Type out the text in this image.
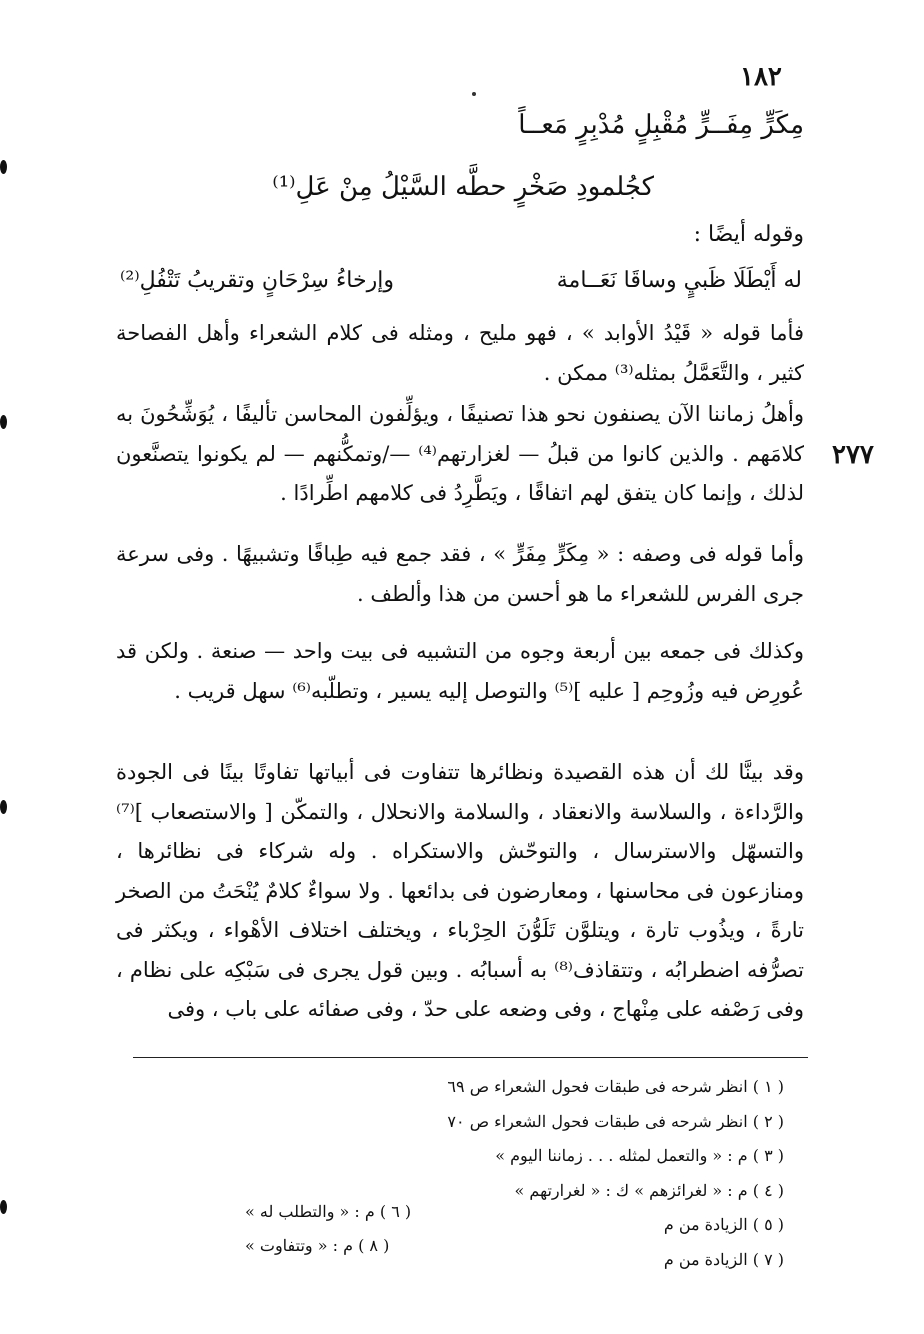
١٨٢
مِكَرٍّ مِفَــرٍّ مُقْبِلٍ مُدْبِرٍ مَعــاً
كجُلمودِ صَخْرٍ حطَّه السَّيْلُ مِنْ عَلِ⁽¹⁾
وقوله أيضًا :
له أَيْطَلَا ظَبيٍ وساقَا نَعَــامة
وإرخاءُ سِرْحَانٍ وتقريبُ تَتْفُلِ⁽²⁾
فأما قوله « قَيْدُ الأوابد » ، فهو مليح ، ومثله فى كلام الشعراء وأهل الفصاحة كثير ، والتَّعَمَّلُ بمثله⁽³⁾ ممكن .
وأهلُ زماننا الآن يصنفون نحو هذا تصنيفًا ، ويؤلِّفون المحاسن تأليفًا ، يُوَشِّحُونَ به كلامَهم . والذين كانوا من قبلُ — لغزارتهم⁽⁴⁾ —/وتمكُّنهم — لم يكونوا يتصنَّعون لذلك ، وإنما كان يتفق لهم اتفاقًا ، ويَطَّرِدُ فى كلامهم اطِّرادًا .
٢٧٧
وأما قوله فى وصفه : « مِكَرٍّ مِفَرٍّ » ، فقد جمع فيه طِباقًا وتشبيهًا . وفى سرعة جرى الفرس للشعراء ما هو أحسن من هذا وألطف .
وكذلك فى جمعه بين أربعة وجوه من التشبيه فى بيت واحد — صنعة . ولكن قد عُورِض فيه وزُوحِم [ عليه ]⁽⁵⁾ والتوصل إليه يسير ، وتطلّبه⁽⁶⁾ سهل قريب .
وقد بينَّا لك أن هذه القصيدة ونظائرها تتفاوت فى أبياتها تفاوتًا بينًا فى الجودة والرَّداءة ، والسلاسة والانعقاد ، والسلامة والانحلال ، والتمكّن [ والاستصعاب ]⁽⁷⁾ والتسهّل والاسترسال ، والتوحّش والاستكراه . وله شركاء فى نظائرها ، ومنازعون فى محاسنها ، ومعارضون فى بدائعها . ولا سواءٌ كلامٌ يُنْحَتُ من الصخر تارةً ، ويذُوب تارة ، ويتلوَّن تَلَوُّنَ الحِرْباء ، ويختلف اختلاف الأهْواء ، ويكثر فى تصرُّفه اضطرابُه ، وتتقاذف⁽⁸⁾ به أسبابُه . وبين قول يجرى فى سَبْكِه على نظام ، وفى رَصْفه على مِنْهاج ، وفى وضعه على حدّ ، وفى صفائه على باب ، وفى
( ١ ) انظر شرحه فى طبقات فحول الشعراء ص ٦٩
( ٢ ) انظر شرحه فى طبقات فحول الشعراء ص ٧٠
( ٣ ) م : « والتعمل لمثله . . . زماننا اليوم »
( ٤ ) م : « لغرائزهم » ك : « لغرارتهم »
( ٥ ) الزيادة من م
( ٧ ) الزيادة من م
( ٦ ) م : « والتطلب له »
( ٨ ) م : « وتتفاوت »
